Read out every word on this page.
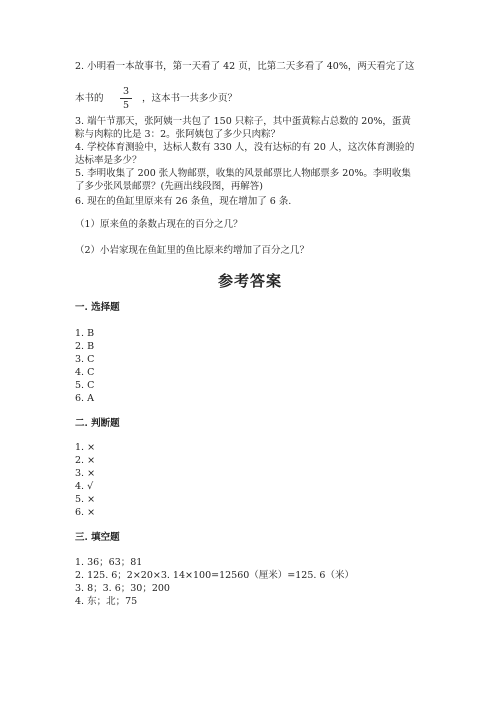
2. 小明看一本故事书，第一天看了 42 页，比第二天多看了 40%，两天看完了这
本书的
3
5
，这本书一共多少页？
3. 端午节那天，张阿姨一共包了 150 只粽子，其中蛋黄粽占总数的 20%，蛋黄
粽与肉粽的比是 3：2。张阿姨包了多少只肉粽？
4. 学校体育测验中，达标人数有 330 人，没有达标的有 20 人，这次体育测验的
达标率是多少？
5. 李明收集了 200 张人物邮票，收集的风景邮票比人物邮票多 20%。李明收集
了多少张风景邮票？(先画出线段图，再解答)
6. 现在的鱼缸里原来有 26 条鱼，现在增加了 6 条.
（1）原来鱼的条数占现在的百分之几？
（2）小岩家现在鱼缸里的鱼比原来约增加了百分之几？
参考答案
一. 选择题
1. B
2. B
3. C
4. C
5. C
6. A
二. 判断题
1. ×
2. ×
3. ×
4. √
5. ×
6. ×
三. 填空题
1. 36；63；81
2. 125. 6；2×20×3. 14×100=12560（厘米）=125. 6（米）
3. 8；3. 6；30；200
4. 东；北；75
